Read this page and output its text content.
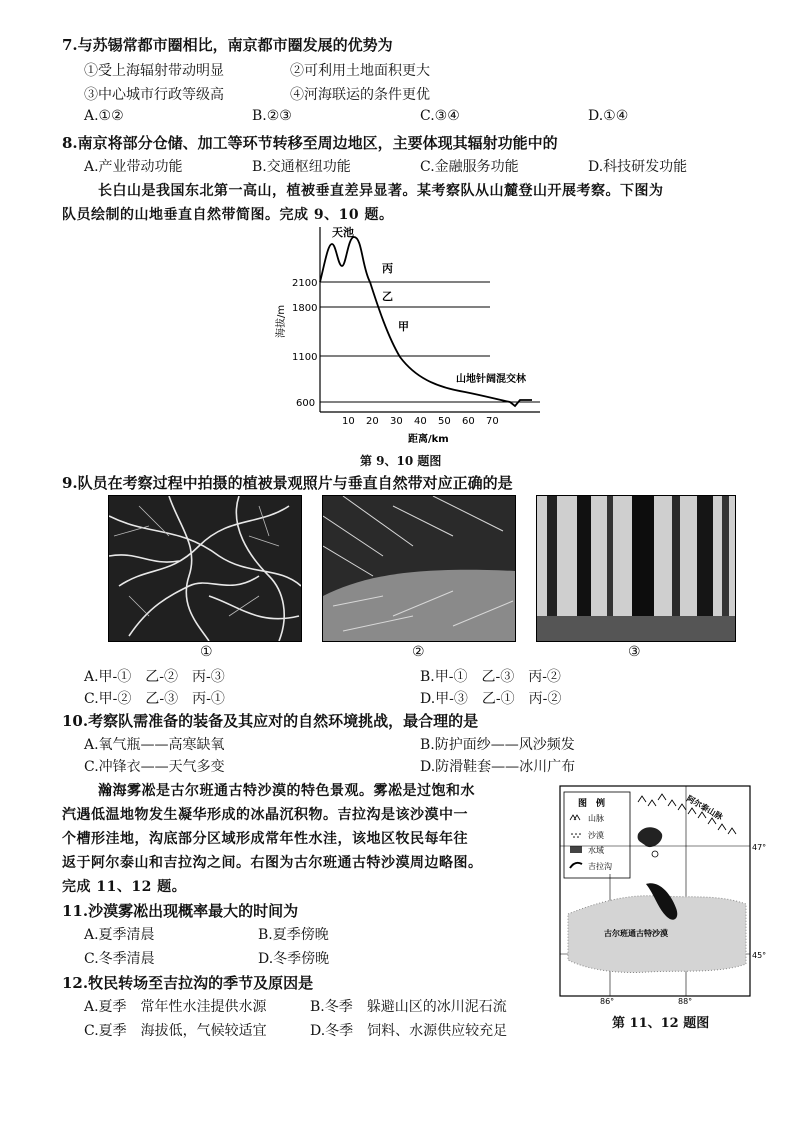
7.与苏锡常都市圈相比，南京都市圈发展的优势为
①受上海辐射带动明显	②可利用土地面积更大
③中心城市行政等级高	④河海联运的条件更优
A.①②	B.②③	C.③④	D.①④
8.南京将部分仓储、加工等环节转移至周边地区，主要体现其辐射功能中的
A.产业带动功能	B.交通枢纽功能	C.金融服务功能	D.科技研发功能
长白山是我国东北第一高山，植被垂直差异显著。某考察队从山麓登山开展考察。下图为
队员绘制的山地垂直自然带简图。完成 9、10 题。
天池
丙
乙
甲
山地针阔混交林
2100
1800
1100
600
海拔/m
10 20 30 40 50 60 70
距离/km
第 9、10 题图
9.队员在考察过程中拍摄的植被景观照片与垂直自然带对应正确的是
①	②	③
A.甲-①　乙-②　丙-③	B.甲-①　乙-③　丙-②
C.甲-②　乙-③　丙-①	D.甲-③　乙-①　丙-②
10.考察队需准备的装备及其应对的自然环境挑战，最合理的是
A.氧气瓶——高寒缺氧	B.防护面纱——风沙频发
C.冲锋衣——天气多变	D.防滑鞋套——冰川广布
瀚海雾凇是古尔班通古特沙漠的特色景观。雾凇是过饱和水
汽遇低温地物发生凝华形成的冰晶沉积物。吉拉沟是该沙漠中一
个槽形洼地，沟底部分区域形成常年性水洼，该地区牧民每年往
返于阿尔泰山和吉拉沟之间。右图为古尔班通古特沙漠周边略图。
完成 11、12 题。
11.沙漠雾凇出现概率最大的时间为
A.夏季清晨	B.夏季傍晚
C.冬季清晨	D.冬季傍晚
12.牧民转场至吉拉沟的季节及原因是
A.夏季　常年性水洼提供水源	B.冬季　躲避山区的冰川泥石流
C.夏季　海拔低，气候较适宜	D.冬季　饲料、水源供应较充足
图　例
山脉
沙漠
水域
吉拉沟
阿尔泰山脉
古尔班通古特沙漠
47°
45°
86°	88°
第 11、12 题图
